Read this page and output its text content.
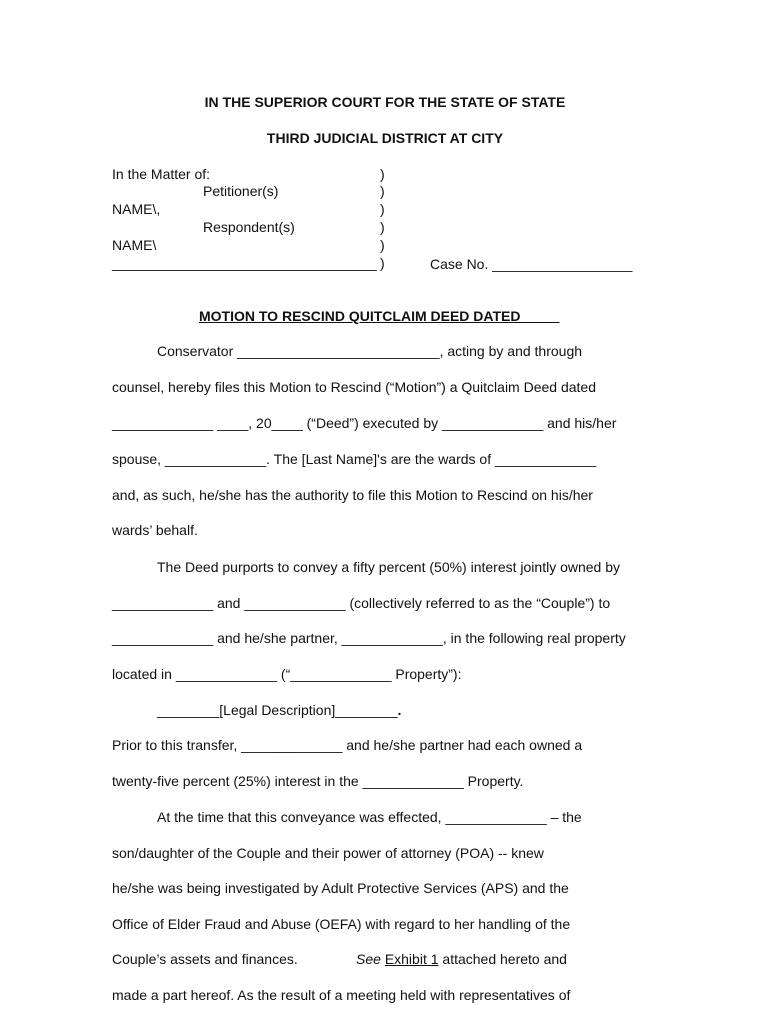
IN THE SUPERIOR COURT FOR THE STATE OF STATE
THIRD JUDICIAL DISTRICT AT CITY
In the Matter of:
Petitioner(s)
NAME\,
Respondent(s)
NAME\
__________________________________
)
)
)
)
)
)	Case No. __________________
MOTION TO RESCIND QUITCLAIM DEED DATED_____
Conservator __________________________, acting by and through
counsel, hereby files this Motion to Rescind (“Motion”) a Quitclaim Deed dated
_____________ ____, 20____ (“Deed”) executed by _____________ and his/her
spouse, _____________. The [Last Name]'s are the wards of _____________
and, as such, he/she has the authority to file this Motion to Rescind on his/her
wards’ behalf.
The Deed purports to convey a fifty percent (50%) interest jointly owned by
_____________ and _____________ (collectively referred to as the “Couple”) to
_____________ and he/she partner, _____________, in the following real property
located in _____________ (“_____________ Property”):
________[Legal Description]________.
Prior to this transfer, _____________ and he/she partner had each owned a
twenty-five percent (25%) interest in the _____________ Property.
At the time that this conveyance was effected, _____________ – the
son/daughter of the Couple and their power of attorney (POA) -- knew
he/she was being investigated by Adult Protective Services (APS) and the
Office of Elder Fraud and Abuse (OEFA) with regard to her handling of the
Couple’s assets and finances.	See Exhibit 1 attached hereto and
made a part hereof. As the result of a meeting held with representatives of
